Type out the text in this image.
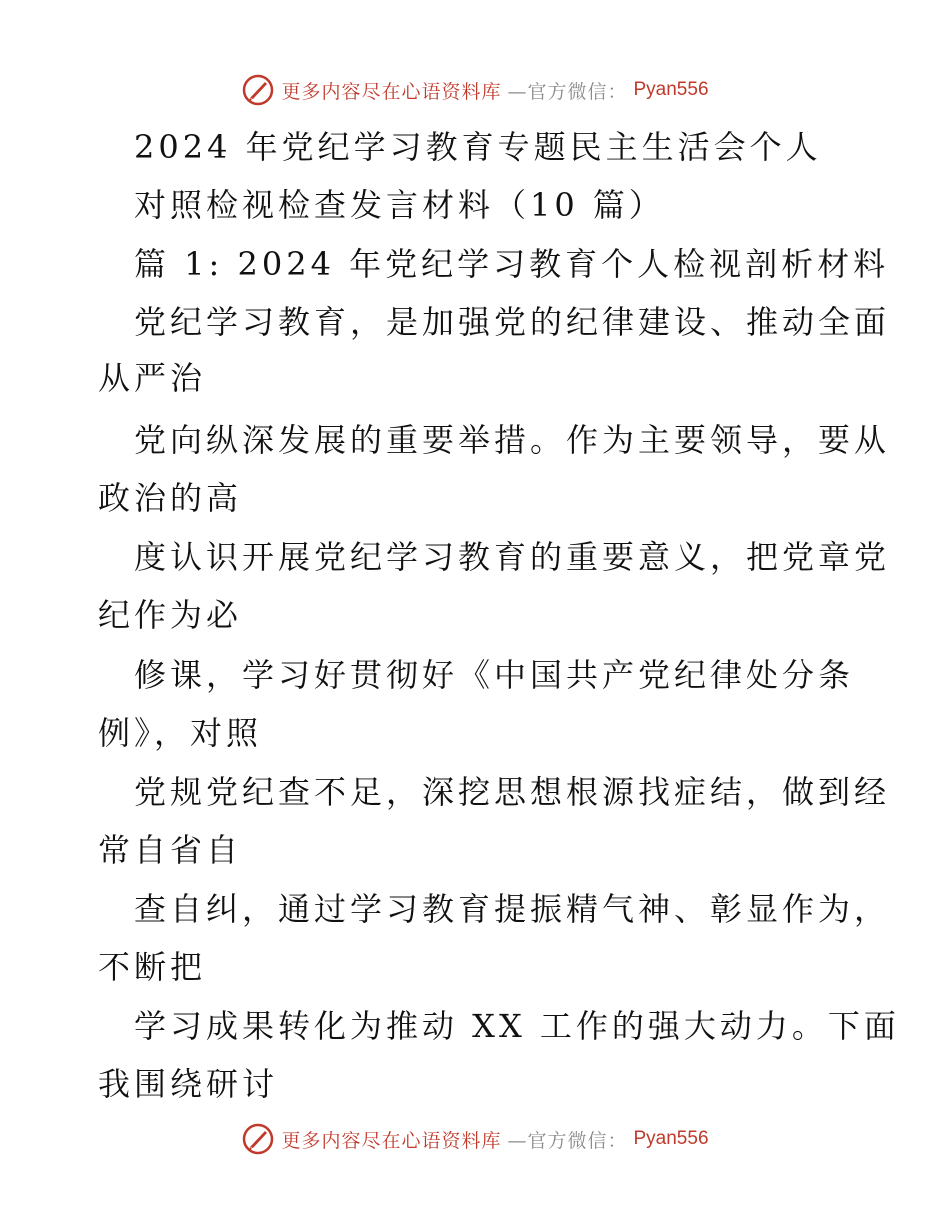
更多内容尽在心语资料库 —官方微信： Pyan556
2024 年党纪学习教育专题民主生活会个人
对照检视检查发言材料（10 篇）
篇 1: 2024 年党纪学习教育个人检视剖析材料
党纪学习教育，是加强党的纪律建设、推动全面
从严治
党向纵深发展的重要举措。作为主要领导，要从
政治的高
度认识开展党纪学习教育的重要意义，把党章党
纪作为必
修课，学习好贯彻好《中国共产党纪律处分条
例》，对照
党规党纪查不足，深挖思想根源找症结，做到经
常自省自
查自纠，通过学习教育提振精气神、彰显作为，
不断把
学习成果转化为推动 XX 工作的强大动力。下面
我围绕研讨
更多内容尽在心语资料库 —官方微信： Pyan556
